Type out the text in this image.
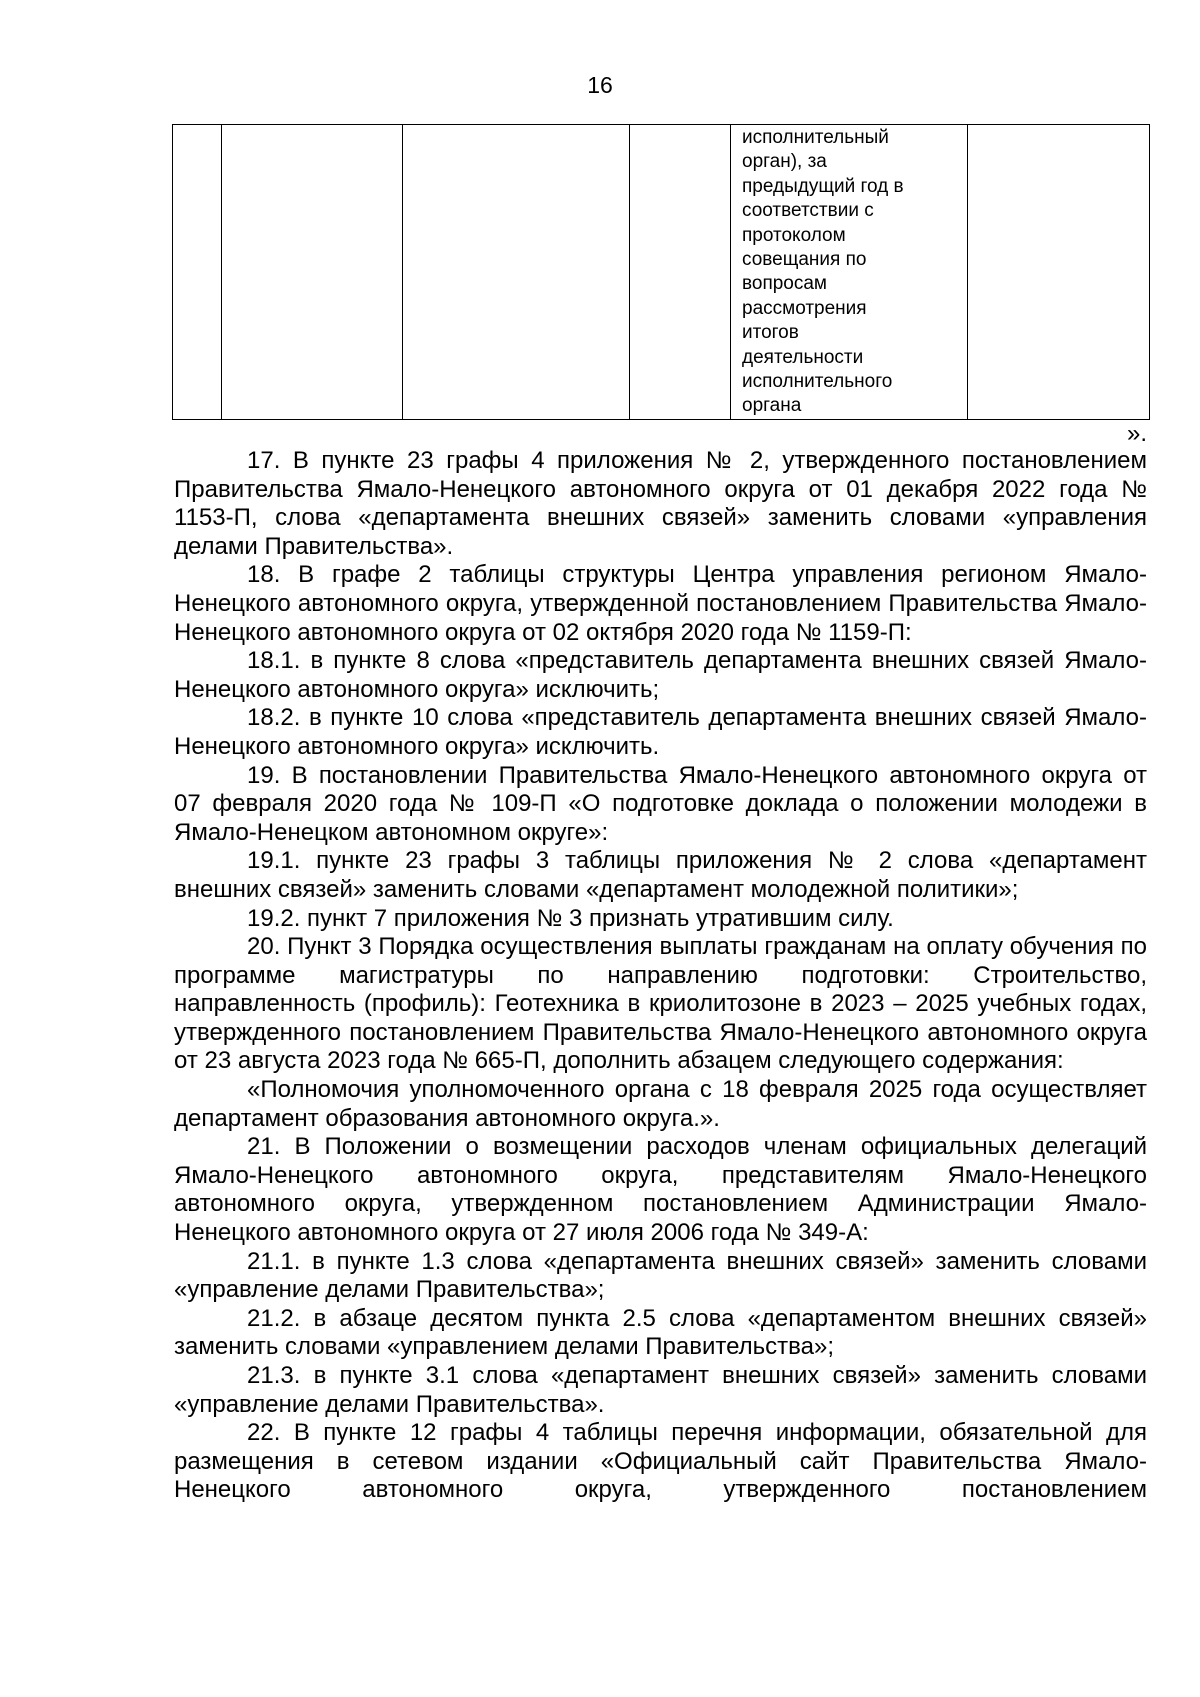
16

исполнительный
орган), за
предыдущий год в
соответствии с
протоколом
совещания по
вопросам
рассмотрения
итогов
деятельности
исполнительного
органа

».

17. В пункте 23 графы 4 приложения № 2, утвержденного постановлением Правительства Ямало-Ненецкого автономного округа от 01 декабря 2022 года № 1153-П, слова «департамента внешних связей» заменить словами «управления делами Правительства».

18. В графе 2 таблицы структуры Центра управления регионом Ямало-Ненецкого автономного округа, утвержденной постановлением Правительства Ямало-Ненецкого автономного округа от 02 октября 2020 года № 1159-П:

18.1. в пункте 8 слова «представитель департамента внешних связей Ямало-Ненецкого автономного округа» исключить;

18.2. в пункте 10 слова «представитель департамента внешних связей Ямало-Ненецкого автономного округа» исключить.

19. В постановлении Правительства Ямало-Ненецкого автономного округа от 07 февраля 2020 года № 109-П «О подготовке доклада о положении молодежи в Ямало-Ненецком автономном округе»:

19.1. пункте 23 графы 3 таблицы приложения № 2 слова «департамент внешних связей» заменить словами «департамент молодежной политики»;

19.2. пункт 7 приложения № 3 признать утратившим силу.

20. Пункт 3 Порядка осуществления выплаты гражданам на оплату обучения по программе магистратуры по направлению подготовки: Строительство, направленность (профиль): Геотехника в криолитозоне в 2023 – 2025 учебных годах, утвержденного постановлением Правительства Ямало-Ненецкого автономного округа от 23 августа 2023 года № 665-П, дополнить абзацем следующего содержания:

«Полномочия уполномоченного органа с 18 февраля 2025 года осуществляет департамент образования автономного округа.».

21. В Положении о возмещении расходов членам официальных делегаций Ямало-Ненецкого автономного округа, представителям Ямало-Ненецкого автономного округа, утвержденном постановлением Администрации Ямало-Ненецкого автономного округа от 27 июля 2006 года № 349-А:

21.1. в пункте 1.3 слова «департамента внешних связей» заменить словами «управление делами Правительства»;

21.2. в абзаце десятом пункта 2.5 слова «департаментом внешних связей» заменить словами «управлением делами Правительства»;

21.3. в пункте 3.1 слова «департамент внешних связей» заменить словами «управление делами Правительства».

22. В пункте 12 графы 4 таблицы перечня информации, обязательной для размещения в сетевом издании «Официальный сайт Правительства Ямало-Ненецкого автономного округа, утвержденного постановлением
